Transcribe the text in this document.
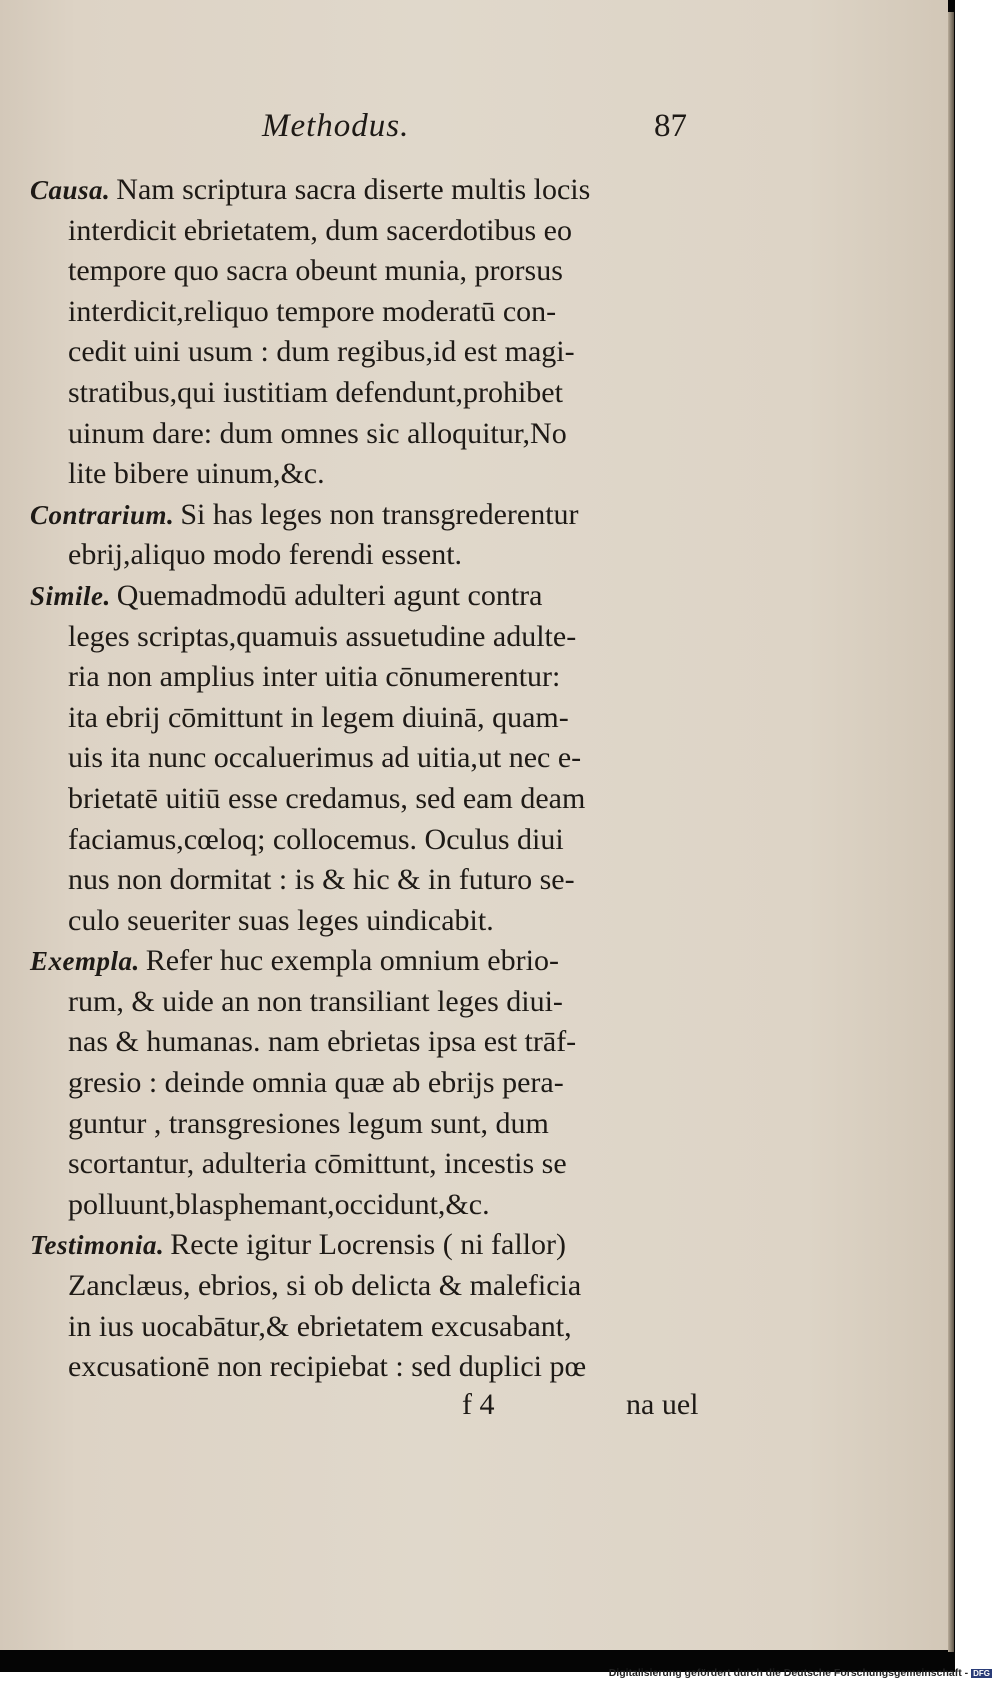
Methodus.	87
Causa. Nam scriptura sacra diserte multis locis
interdicit ebrietatem, dum sacerdotibus eo
tempore quo sacra obeunt munia, prorsus
interdicit,reliquo tempore moderatū con-
cedit uini usum : dum regibus,id est magi-
stratibus,qui iustitiam defendunt,prohibet
uinum dare: dum omnes sic alloquitur,No
lite bibere uinum,&c.
Contrarium. Si has leges non transgrederentur
ebrij,aliquo modo ferendi essent.
Simile. Quemadmodū adulteri agunt contra
leges scriptas,quamuis assuetudine adulte-
ria non amplius inter uitia cōnumerentur:
ita ebrij cōmittunt in legem diuinā, quam-
uis ita nunc occaluerimus ad uitia,ut nec e-
brietatē uitiū esse credamus, sed eam deam
faciamus,cœloq; collocemus. Oculus diui
nus non dormitat : is & hic & in futuro se-
culo seueriter suas leges uindicabit.
Exempla. Refer huc exempla omnium ebrio-
rum, & uide an non transiliant leges diui-
nas & humanas. nam ebrietas ipsa est trāf-
gresio : deinde omnia quæ ab ebrijs pera-
guntur , transgresiones legum sunt, dum
scortantur, adulteria cōmittunt, incestis se
polluunt,blasphemant,occidunt,&c.
Testimonia. Recte igitur Locrensis ( ni fallor)
Zanclæus, ebrios, si ob delicta & maleficia
in ius uocabātur,& ebrietatem excusabant,
excusationē non recipiebat : sed duplici pœ
f 4	na uel
Digitalisierung gefördert durch die Deutsche Forschungsgemeinschaft - DFG
